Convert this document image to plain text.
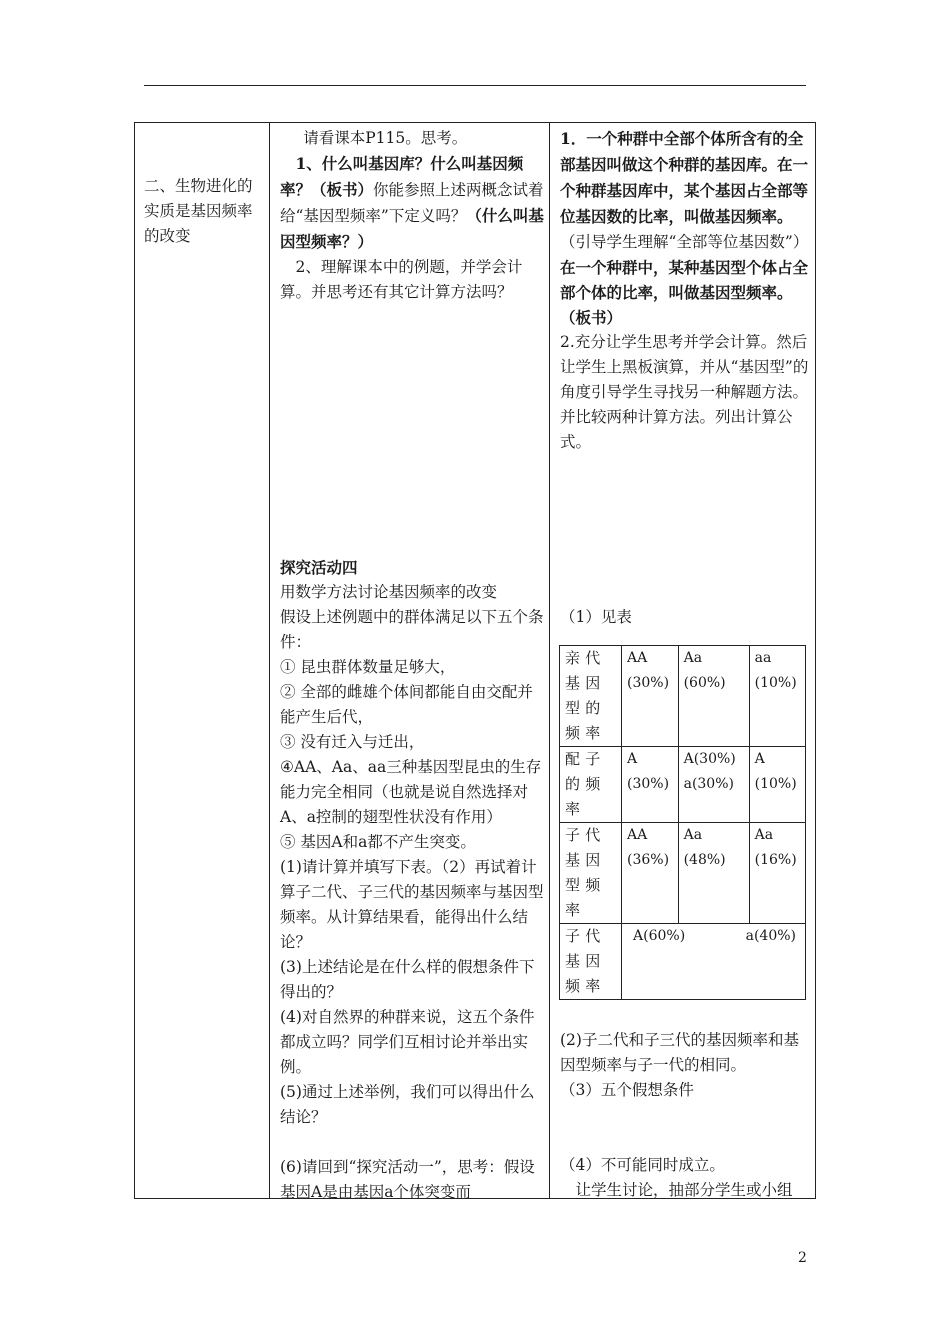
二、生物进化的实质是基因频率的改变

请看课本P115。思考。

1、什么叫基因库？什么叫基因频率？（板书）你能参照上述两概念试着给“基因型频率”下定义吗？（什么叫基因型频率？）

2、理解课本中的例题，并学会计算。并思考还有其它计算方法吗？

探究活动四

用数学方法讨论基因频率的改变

假设上述例题中的群体满足以下五个条件：

① 昆虫群体数量足够大，

② 全部的雌雄个体间都能自由交配并能产生后代，

③ 没有迁入与迁出，

④AA、Aa、aa三种基因型昆虫的生存能力完全相同（也就是说自然选择对A、a控制的翅型性状没有作用）

⑤ 基因A和a都不产生突变。

(1)请计算并填写下表。（2）再试着计算子二代、子三代的基因频率与基因型频率。从计算结果看，能得出什么结论？

(3)上述结论是在什么样的假想条件下得出的？

(4)对自然界的种群来说，这五个条件都成立吗？同学们互相讨论并举出实例。

(5)通过上述举例，我们可以得出什么结论？

(6)请回到“探究活动一”，思考：假设基因A是由基因a个体突变而

1．一个种群中全部个体所含有的全部基因叫做这个种群的基因库。在一个种群基因库中，某个基因占全部等位基因数的比率，叫做基因频率。（引导学生理解“全部等位基因数”）

在一个种群中，某种基因型个体占全部个体的比率，叫做基因型频率。（板书）

2.充分让学生思考并学会计算。然后让学生上黑板演算，并从“基因型”的角度引导学生寻找另一种解题方法。并比较两种计算方法。列出计算公式。

（1）见表

(2)子二代和子三代的基因频率和基因型频率与子一代的相同。

（3）五个假想条件

（4）不可能同时成立。

让学生讨论，抽部分学生或小组

亲代基因型的频率	AA (30%)	Aa (60%)	aa (10%)
配子的频率	A (30%)	A(30%) a(30%)	A (10%)
子代基因型频率	AA (36%)	Aa (48%)	Aa (16%)
子代基因频率	A(60%) a(40%)		
2
